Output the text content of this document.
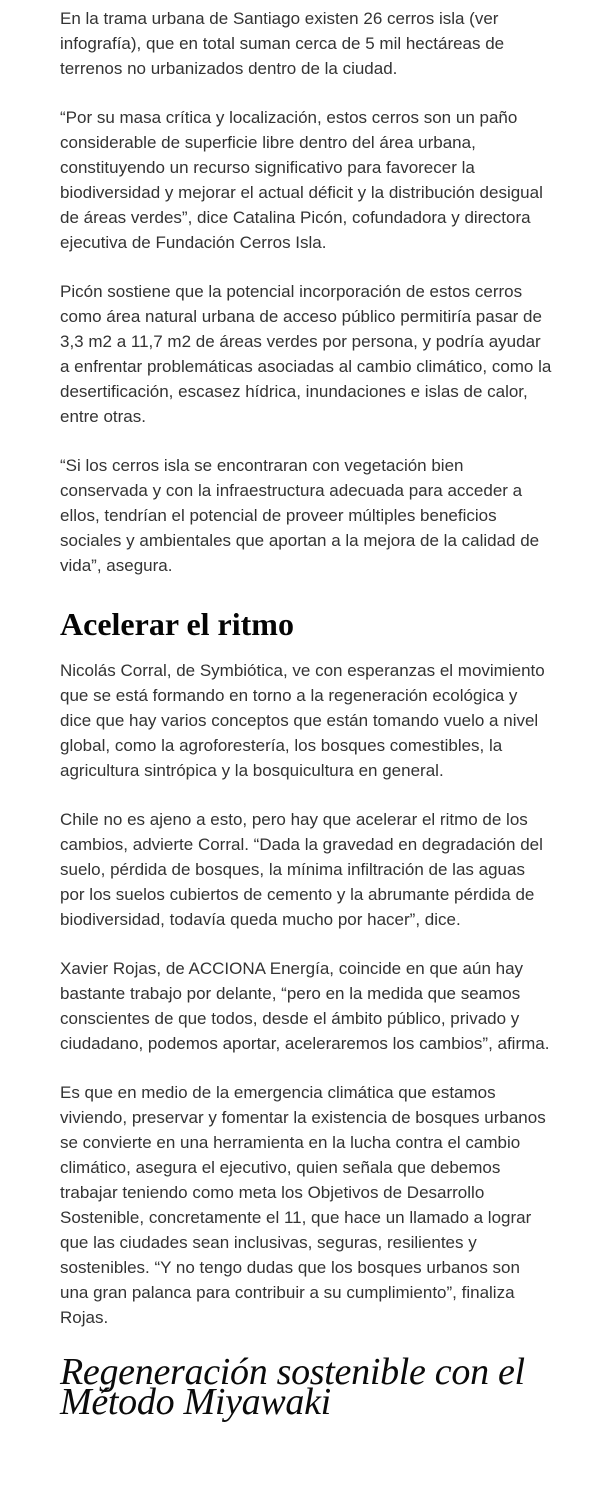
En la trama urbana de Santiago existen 26 cerros isla (ver infografía), que en total suman cerca de 5 mil hectáreas de terrenos no urbanizados dentro de la ciudad.

“Por su masa crítica y localización, estos cerros son un paño considerable de superficie libre dentro del área urbana, constituyendo un recurso significativo para favorecer la biodiversidad y mejorar el actual déficit y la distribución desigual de áreas verdes”, dice Catalina Picón, cofundadora y directora ejecutiva de Fundación Cerros Isla.

Picón sostiene que la potencial incorporación de estos cerros como área natural urbana de acceso público permitiría pasar de 3,3 m2 a 11,7 m2 de áreas verdes por persona, y podría ayudar a enfrentar problemáticas asociadas al cambio climático, como la desertificación, escasez hídrica, inundaciones e islas de calor, entre otras.

“Si los cerros isla se encontraran con vegetación bien conservada y con la infraestructura adecuada para acceder a ellos, tendrían el potencial de proveer múltiples beneficios sociales y ambientales que aportan a la mejora de la calidad de vida”, asegura.

Acelerar el ritmo

Nicolás Corral, de Symbiótica, ve con esperanzas el movimiento que se está formando en torno a la regeneración ecológica y dice que hay varios conceptos que están tomando vuelo a nivel global, como la agroforestería, los bosques comestibles, la agricultura sintrópica y la bosquicultura en general.

Chile no es ajeno a esto, pero hay que acelerar el ritmo de los cambios, advierte Corral. “Dada la gravedad en degradación del suelo, pérdida de bosques, la mínima infiltración de las aguas por los suelos cubiertos de cemento y la abrumante pérdida de biodiversidad, todavía queda mucho por hacer”, dice.

Xavier Rojas, de ACCIONA Energía, coincide en que aún hay bastante trabajo por delante, “pero en la medida que seamos conscientes de que todos, desde el ámbito público, privado y ciudadano, podemos aportar, aceleraremos los cambios”, afirma.

Es que en medio de la emergencia climática que estamos viviendo, preservar y fomentar la existencia de bosques urbanos se convierte en una herramienta en la lucha contra el cambio climático, asegura el ejecutivo, quien señala que debemos trabajar teniendo como meta los Objetivos de Desarrollo Sostenible, concretamente el 11, que hace un llamado a lograr que las ciudades sean inclusivas, seguras, resilientes y sostenibles. “Y no tengo dudas que los bosques urbanos son una gran palanca para contribuir a su cumplimiento”, finaliza Rojas.

Regeneración sostenible con el Método Miyawaki
